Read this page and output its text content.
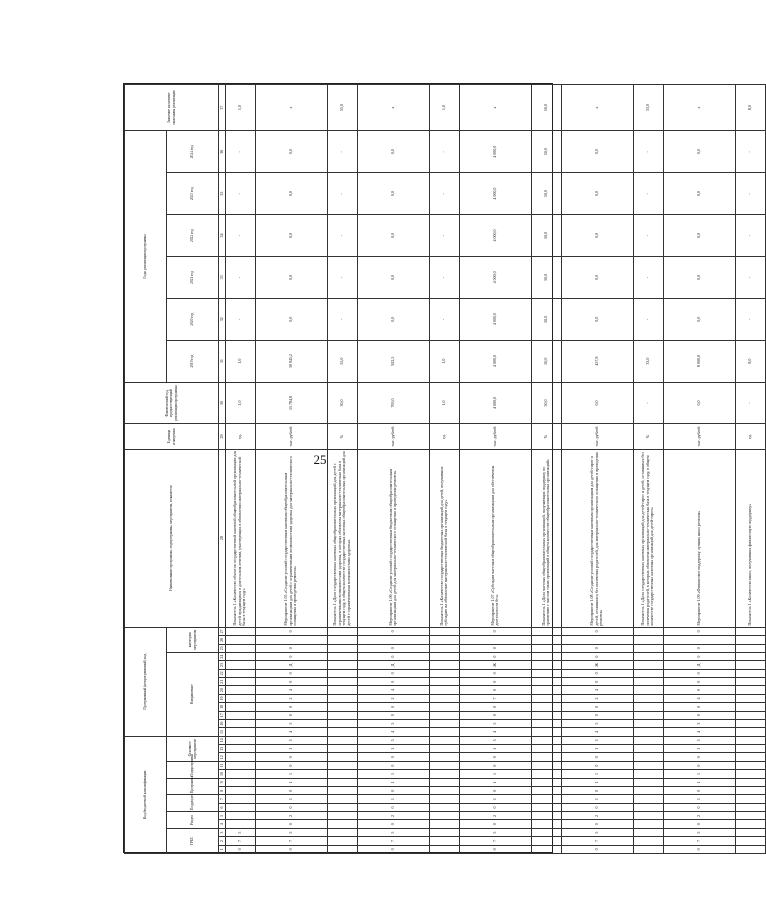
25
Код бюджетной классификации														Программный (непрограммный) код													Наименование программы, подпрограммы, мероприятия, показателя	Единица измерения	Фактический год, предшествующий реализации программы	Годы реализации программы						Значение на момент окончания реализации
ГРБС			Раздел		Подраздел		Программа		Подпрограмма		Основное мероприятие			Направление										категория мероприятия						2019 год	2020 год	2021 год	2022 год	2023 год	2024 год	
1	2	3	4	5	6	7	8	9	10	11	12	13	14	15	16	17	18	19	20	21	22	23	24	25	26	27	28	29	30	31	32	33	34	35	36	37
0	7	5																									Показатель 1 «Количество объектов государственной казенной общеобразовательной организации для детей нуждающихся в длительном лечении, участвующих в обновлении материально-технической базы в текущем году»	ед.	1,0	1,0	-	-	-	-	-	1,0
0	7	5	0	2	0	1	0	1	1	0	0	1	5	4	5	0	0	2	4	0	0	Д	0	0		0	Мероприятие 1.05 «Создание условий государственным казенным общеобразовательным организациям для детей с ограниченными возможностями здоровья для материально-технического оснащения и проведения ремонта»	тыс. рублей	15 784,8	30 945,2	0,0	0,0	0,0	0,0	0,0	х
																											Показатель 1 «Доля государственных казенных общеобразовательных организаций для детей с ограниченными возможностями здоровья, в которых обновлена материально-техническая база в текущем году, в общем количестве государственных казенных общеобразовательных организаций для детей с ограниченными возможностями здоровья»	%	30,0	55,0	-	-	-	-	-	55,0
0	7	5	0	2	0	1	0	1	1	0	0	1	5	4	5	0	0	2	4	0	0	Д	0	0		0	Мероприятие 1.06 «Создание условий государственным бюджетным общеобразовательным организациям для детей для материально-технического оснащения и проведения ремонта»	тыс. рублей	763,0	922,5	0,0	0,0	0,0	0,0	0,0	х
																											Показатель 1 «Количество государственных бюджетных организаций для детей, получивших субсидию на обновление материально-технической базы в текущем году»	ед.	1,0	1,0	-	-	-	-	-	1,0
0	7	5	0	2	0	1	0	1	1	0	0	1	5	4	5	0	0	7	0	0	0	Ж	0	0		0	Мероприятие 1.07 «Субсидии частным общеобразовательным организациям для обеспечения деятельности без»	тыс. рублей	4 000,0	4 000,0	4 000,0	4 000,0	4 000,0	4 000,0	4 000,0	х
																											Показатель 1 «Доля частных общеобразовательных организаций, получающих поддержку по сравнению с числом таких организаций в общем количестве общеобразовательных организаций»	%	50,0	50,0	50,0	50,0	50,0	50,0	50,0	50,0
0	7	5	0	2	0	1	0	1	1	0	0	1	5	4	5	0	0	2	4	0	0	Ж	0	0		0	Мероприятие 1.08 «Создание условий государственным казенным организациям для детей-сирот и детей, оставшихся без попечения родителей, для материально-технического оснащения и проведения ремонта»	тыс. рублей	0,0	457,9	0,0	0,0	0,0	0,0	0,0	х
																											Показатель 1 «Доля государственных казенных организаций для детей-сирот и детей, оставшихся без попечения родителей, в которых обновлена материально-техническая база в текущем году, в общем количестве государственных казенных организаций для детей-сирот»	%	-	33,0	-	-	-	-	-	33,0
0	7	5	0	2	0	1	0	1	1	0	0	1	5	4	3	0	0	4	0	0	0	Д	0	0		0	Мероприятие 1.09 «Финансовое поддержку лучших школ региона»	тыс. рублей	0,0	8 000,0	0,0	0,0	0,0	0,0	0,0	х
																											Показатель 1 «Количество школ, получивших финансовую поддержку»	ед.	-	8,0	-	-	-	-	-	8,0
